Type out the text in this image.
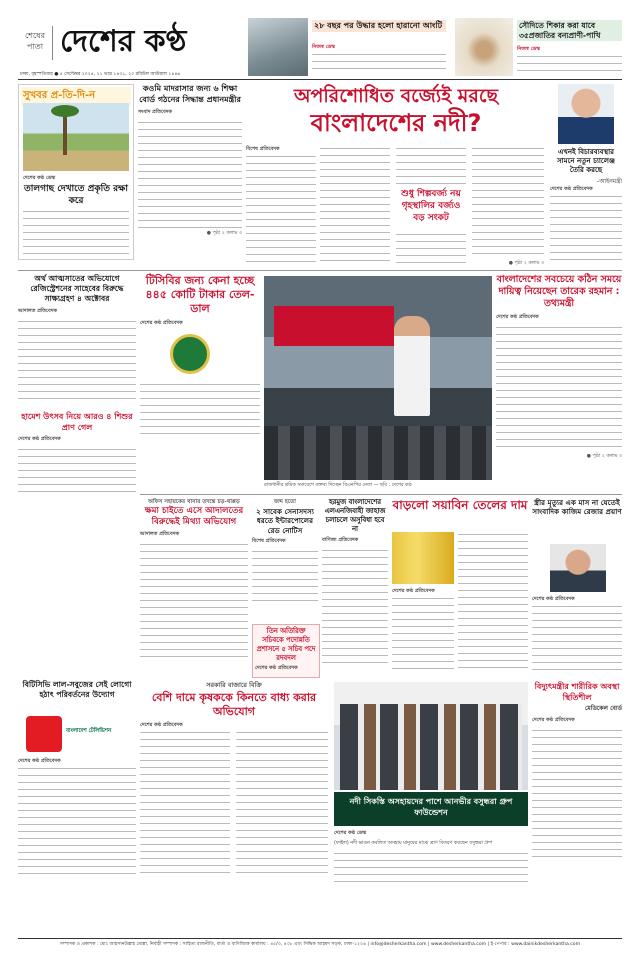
শেষের
পাতা দেশের কণ্ঠ
ঢাকা, বৃহস্পতিবার ● ৫ সেপ্টেম্বর ২০২৪, ২১ ভাদ্র ১৪৩১, ২০ রবিউল আউয়াল ১৪৪৬
২৮ বছর পর উদ্ধার হলো হারানো আংটি
নিজস্ব ডেস্ক
সৌদিতে শিকার করা যাবে ৩৫প্রজাতির বন্যপ্রাণী-পাখি
নিজস্ব ডেস্ক
সুখবর প্র-তি-দি-ন
দেশের কণ্ঠ ডেস্ক
তালগাছ দেখাতে প্রকৃতি রক্ষা করে
কওমি মাদরাসার জন্য ৬ শিক্ষা বোর্ড গঠনের সিদ্ধান্ত প্রধানমন্ত্রীর
সংবাদ প্রতিবেদক
● পৃষ্ঠা ২ কলাম ৩
অপরিশোধিত বর্জ্যেই মরছে
বাংলাদেশের নদী?
বিশেষ প্রতিবেদক
শুধু শিল্পবর্জ্য নয় গৃহস্থালির বর্জ্যও বড় সংকট
● পৃষ্ঠা ২ কলাম ৩
এখনই বিচারব্যবস্থার সামনে নতুন চ্যালেঞ্জ তৈরি করছে
-আইনমন্ত্রী
দেশের কণ্ঠ প্রতিবেদক
অর্থ আত্মসাতের অভিযোগে রেজিস্ট্রেশনের সাহেবের বিরুদ্ধে সাক্ষ্যগ্রহণ ৪ অক্টোবর
আদালত প্রতিবেদক
টিসিবির জন্য কেনা হচ্ছে ৪৪৫ কোটি টাকার তেল-ডাল
দেশের কণ্ঠ প্রতিবেদক
রাজধানীর শ্রমিক সমাবেশে বক্তব্য দিচ্ছেন বিএনপির নেতা — ছবি : দেশের কণ্ঠ
বাংলাদেশের সবচেয়ে কঠিন সময়ে দায়িত্ব নিয়েছেন তারেক রহমান : তথ্যমন্ত্রী
দেশের কণ্ঠ প্রতিবেদক
● পৃষ্ঠা ২ কলাম ৩
হামেশ উৎসব নিয়ে আরও ৪ শিশুর প্রাণ গেল
দেশের কণ্ঠ প্রতিবেদক
অফিস সহায়কের থানার তদন্তে চড়-থাপ্পড়
ক্ষমা চাইতে এসে আদালতের বিরুদ্ধেই মিথ্যা অভিযোগ
আদালত প্রতিবেদক
জব্দ হতো
২ সাবেক সেনাসদস্য ধরতে ইন্টারপোলের রেড নোটিস
বিশেষ প্রতিবেদক
হরমুজ বাংলাদেশের এলএনজিবাহী জাহাজ চলাচলে অসুবিধা হবে না
বাণিজ্য প্রতিবেদক
বাড়লো সয়াবিন তেলের দাম
দেশের কণ্ঠ প্রতিবেদক
স্ত্রীর মৃত্যুর এক মাস না যেতেই সাংবাদিক কাজিম রেজার প্রয়াণ
দেশের কণ্ঠ প্রতিবেদক
তিন অতিরিক্ত সচিবকে পদোন্নতি প্রশাসনে ৫ সচিব পদে রদবদল
দেশের কণ্ঠ প্রতিবেদক
বিটিসিভি লাল-সবুজের সেই লোগো হঠাৎ পরিবর্তনের উদ্যোগ
বাংলাদেশ টেলিভিশন
দেশের কণ্ঠ প্রতিবেদক
সরকারি বাজারে বিক্রি
বেশি দামে কৃষককে কিনতে বাধ্য করার অভিযোগ
দেশের কণ্ঠ প্রতিবেদক
বিদ্যুৎমন্ত্রীর শারীরিক অবস্থা স্থিতিশীল
মেডিকেল বোর্ড
দেশের কণ্ঠ প্রতিবেদক
নদী সিকস্তি অসহায়দের পাশে আনভীর বসুন্ধরা গ্রুপ ফাউন্ডেশন
দেশের কণ্ঠ ডেস্ক
(ফাইল) নদী ভাঙন কবলিত অসহায় মানুষের মাঝে ত্রাণ বিতরণ করছেন বসুন্ধরা গ্রুপ
সম্পাদক ও প্রকাশক : মোঃ আহসানউল্লাহ মোল্লা, নির্বাহী সম্পাদক : সাহিত্য রাজনীতি, বার্তা ও বাণিজ্যিক কার্যালয় : ৪৫/৩, ৪৩৮ এবং সিদ্ধিক আহমদ সড়ক, ঢাকা-১২০৬ | info@desherkantha.com | www.desherkantha.com | ই-পেপার : www.dainikdesherkantha.com
